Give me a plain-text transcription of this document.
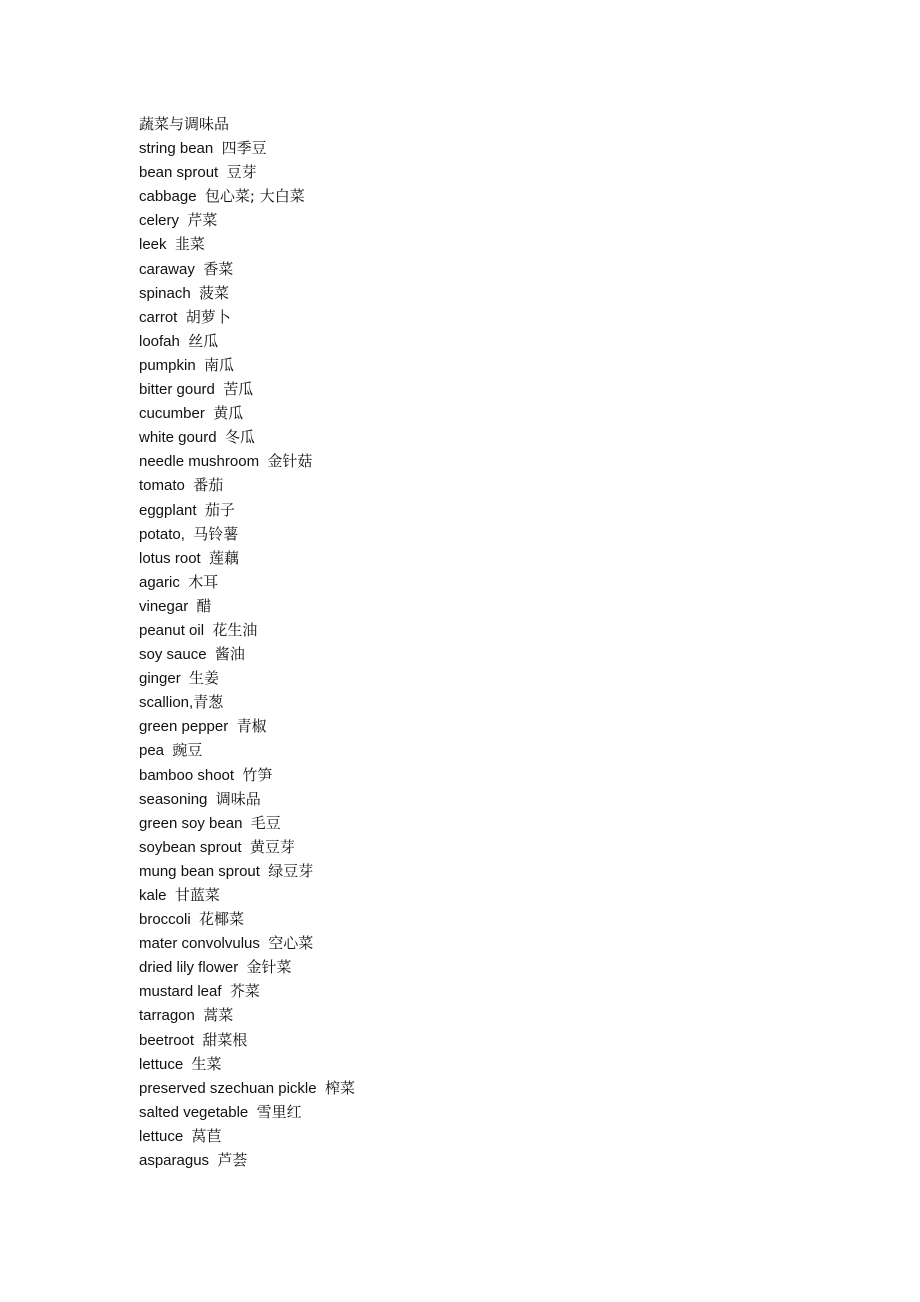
蔬菜与调味品
string bean 四季豆
bean sprout 豆芽
cabbage 包心菜; 大白菜
celery 芹菜
leek 韭菜
caraway 香菜
spinach 菠菜
carrot 胡萝卜
loofah 丝瓜
pumpkin 南瓜
bitter gourd 苦瓜
cucumber 黄瓜
white gourd 冬瓜
needle mushroom 金针菇
tomato 番茄
eggplant 茄子
potato, 马铃薯
lotus root 莲藕
agaric 木耳
vinegar 醋
peanut oil 花生油
soy sauce 酱油
ginger 生姜
scallion,青葱
green pepper 青椒
pea 豌豆
bamboo shoot 竹笋
seasoning 调味品
green soy bean 毛豆
soybean sprout 黄豆芽
mung bean sprout 绿豆芽
kale 甘蓝菜
broccoli 花椰菜
mater convolvulus 空心菜
dried lily flower 金针菜
mustard leaf 芥菜
tarragon 蒿菜
beetroot 甜菜根
lettuce 生菜
preserved szechuan pickle 榨菜
salted vegetable 雪里红
lettuce 莴苣
asparagus 芦荟
